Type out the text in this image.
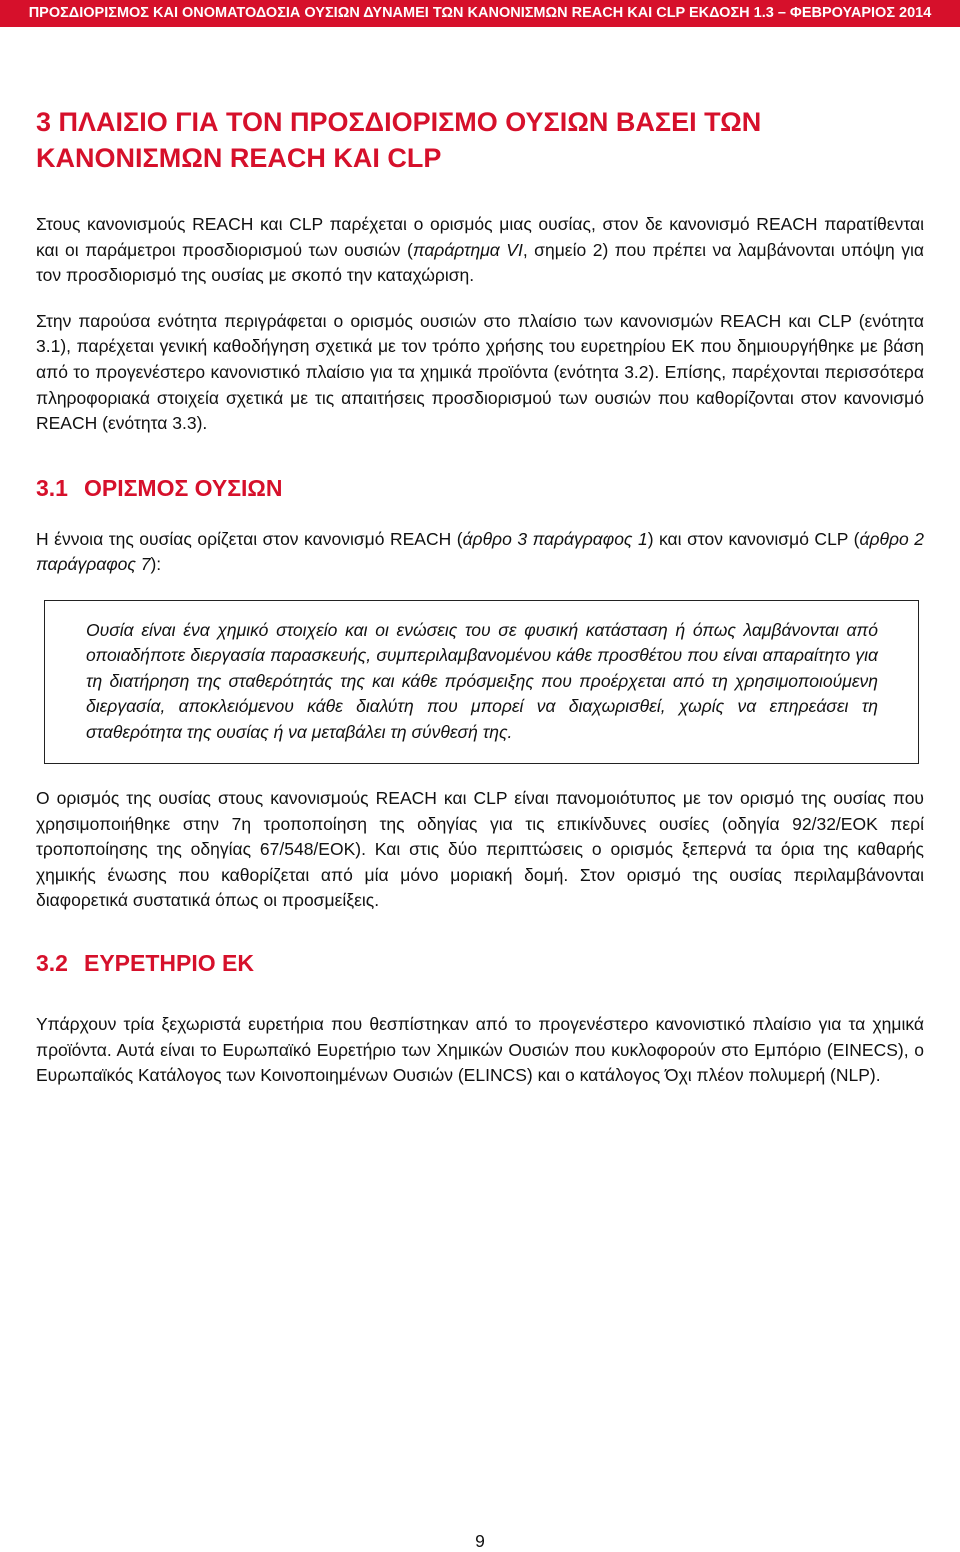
ΠΡΟΣΔΙΟΡΙΣΜΟΣ ΚΑΙ ΟΝΟΜΑΤΟΔΟΣΙΑ ΟΥΣΙΩΝ ΔΥΝΑΜΕΙ ΤΩΝ ΚΑΝΟΝΙΣΜΩΝ REACH ΚΑΙ CLP ΕΚΔΟΣΗ 1.3 – ΦΕΒΡΟΥΑΡΙΟΣ 2014
3 ΠΛΑΙΣΙΟ ΓΙΑ ΤΟΝ ΠΡΟΣΔΙΟΡΙΣΜΟ ΟΥΣΙΩΝ ΒΑΣΕΙ ΤΩΝ ΚΑΝΟΝΙΣΜΩΝ REACH ΚΑΙ CLP

Στους κανονισμούς REACH και CLP παρέχεται ο ορισμός μιας ουσίας, στον δε κανονισμό REACH παρατίθενται και οι παράμετροι προσδιορισμού των ουσιών (παράρτημα VI, σημείο 2) που πρέπει να λαμβάνονται υπόψη για τον προσδιορισμό της ουσίας με σκοπό την καταχώριση.

Στην παρούσα ενότητα περιγράφεται ο ορισμός ουσιών στο πλαίσιο των κανονισμών REACH και CLP (ενότητα 3.1), παρέχεται γενική καθοδήγηση σχετικά με τον τρόπο χρήσης του ευρετηρίου ΕΚ που δημιουργήθηκε με βάση από το προγενέστερο κανονιστικό πλαίσιο για τα χημικά προϊόντα (ενότητα 3.2). Επίσης, παρέχονται περισσότερα πληροφοριακά στοιχεία σχετικά με τις απαιτήσεις προσδιορισμού των ουσιών που καθορίζονται στον κανονισμό REACH (ενότητα 3.3).

3.1 ΟΡΙΣΜΟΣ ΟΥΣΙΩΝ

Η έννοια της ουσίας ορίζεται στον κανονισμό REACH (άρθρο 3 παράγραφος 1) και στον κανονισμό CLP (άρθρο 2 παράγραφος 7):

Ουσία είναι ένα χημικό στοιχείο και οι ενώσεις του σε φυσική κατάσταση ή όπως λαμβάνονται από οποιαδήποτε διεργασία παρασκευής, συμπεριλαμβανομένου κάθε προσθέτου που είναι απαραίτητο για τη διατήρηση της σταθερότητάς της και κάθε πρόσμειξης που προέρχεται από τη χρησιμοποιούμενη διεργασία, αποκλειόμενου κάθε διαλύτη που μπορεί να διαχωρισθεί, χωρίς να επηρεάσει τη σταθερότητα της ουσίας ή να μεταβάλει τη σύνθεσή της.

Ο ορισμός της ουσίας στους κανονισμούς REACH και CLP είναι πανομοιότυπος με τον ορισμό της ουσίας που χρησιμοποιήθηκε στην 7η τροποποίηση της οδηγίας για τις επικίνδυνες ουσίες (οδηγία 92/32/ΕΟΚ περί τροποποίησης της οδηγίας 67/548/ΕΟΚ). Και στις δύο περιπτώσεις ο ορισμός ξεπερνά τα όρια της καθαρής χημικής ένωσης που καθορίζεται από μία μόνο μοριακή δομή. Στον ορισμό της ουσίας περιλαμβάνονται διαφορετικά συστατικά όπως οι προσμείξεις.

3.2 ΕΥΡΕΤΗΡΙΟ ΕΚ

Υπάρχουν τρία ξεχωριστά ευρετήρια που θεσπίστηκαν από το προγενέστερο κανονιστικό πλαίσιο για τα χημικά προϊόντα. Αυτά είναι το Ευρωπαϊκό Ευρετήριο των Χημικών Ουσιών που κυκλοφορούν στο Εμπόριο (EINECS), ο Ευρωπαϊκός Κατάλογος των Κοινοποιημένων Ουσιών (ELINCS) και ο κατάλογος Όχι πλέον πολυμερή (NLP).

9
